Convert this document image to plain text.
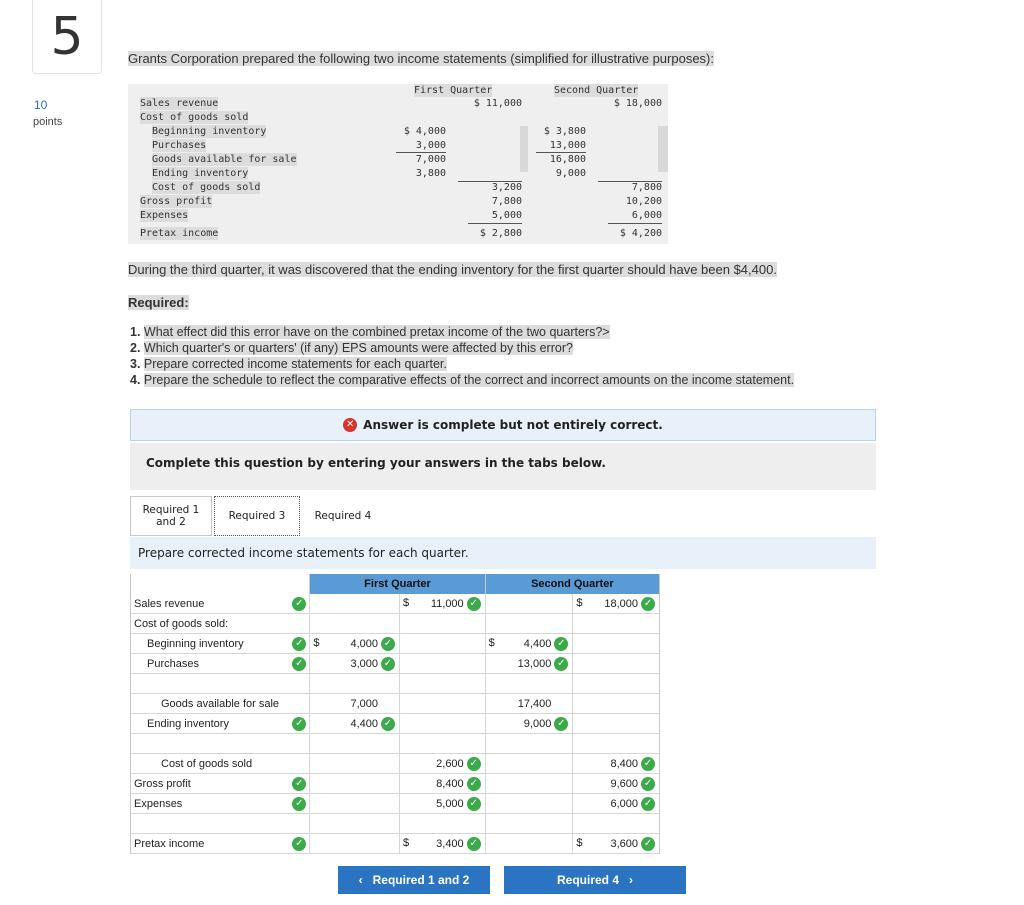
5
10
points
Grants Corporation prepared the following two income statements (simplified for illustrative purposes):
First Quarter	Second Quarter
Sales revenue	$ 11,000	$ 18,000
Cost of goods sold
Beginning inventory	$ 4,000	$ 3,800
Purchases	3,000	13,000
Goods available for sale	7,000	16,800
Ending inventory	3,800	9,000
Cost of goods sold	3,200	7,800
Gross profit	7,800	10,200
Expenses	5,000	6,000
Pretax income	$ 2,800	$ 4,200
During the third quarter, it was discovered that the ending inventory for the first quarter should have been $4,400.
Required:
1. What effect did this error have on the combined pretax income of the two quarters?>
2. Which quarter's or quarters' (if any) EPS amounts were affected by this error?
3. Prepare corrected income statements for each quarter.
4. Prepare the schedule to reflect the comparative effects of the correct and incorrect amounts on the income statement.
✕ Answer is complete but not entirely correct.
Complete this question by entering your answers in the tabs below.
Required 1
and 2	Required 3	Required 4
Prepare corrected income statements for each quarter.
First Quarter	Second Quarter
Sales revenue	✓	$ 11,000 ✓	$ 18,000 ✓
Cost of goods sold:
Beginning inventory	✓ $	4,000 ✓	$	4,400 ✓
Purchases	✓	3,000 ✓	13,000 ✓
Goods available for sale	7,000	17,400
Ending inventory	✓	4,400 ✓	9,000 ✓
Cost of goods sold	2,600 ✓	8,400 ✓
Gross profit	✓	8,400 ✓	9,600 ✓
Expenses	✓	5,000 ✓	6,000 ✓
Pretax income	✓	$ 3,400 ✓	$	3,600 ✓
‹ Required 1 and 2	Required 4 ›
